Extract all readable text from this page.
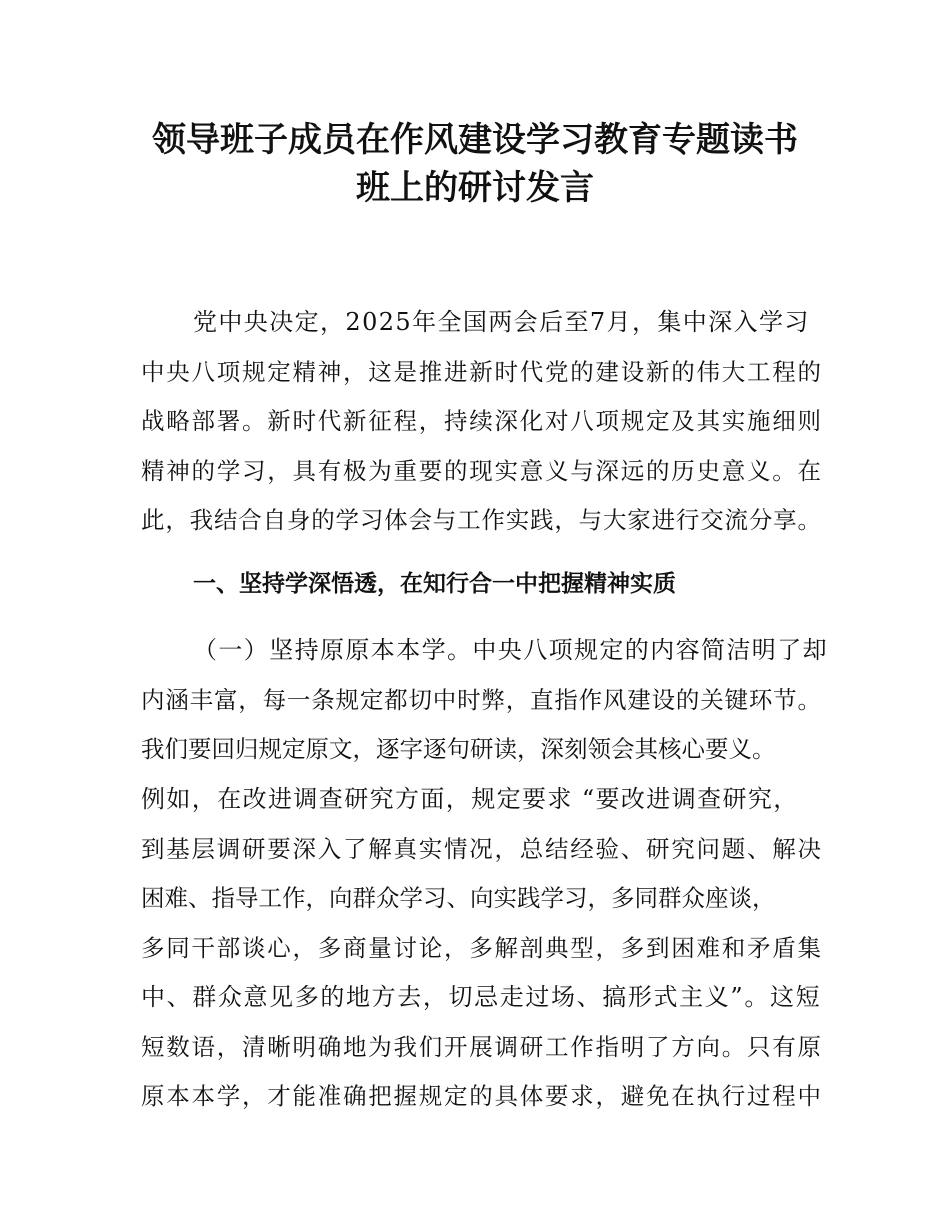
领导班子成员在作风建设学习教育专题读书
班上的研讨发言
党中央决定，2025年全国两会后至7月，集中深入学习
中央八项规定精神，这是推进新时代党的建设新的伟大工程的
战略部署。新时代新征程，持续深化对八项规定及其实施细则
精神的学习，具有极为重要的现实意义与深远的历史意义。在
此，我结合自身的学习体会与工作实践，与大家进行交流分享。
一、坚持学深悟透，在知行合一中把握精神实质
（一）坚持原原本本学。中央八项规定的内容简洁明了却
内涵丰富，每一条规定都切中时弊，直指作风建设的关键环节。
我们要回归规定原文，逐字逐句研读，深刻领会其核心要义。
例如，在改进调查研究方面，规定要求 “要改进调查研究，
到基层调研要深入了解真实情况，总结经验、研究问题、解决
困难、指导工作，向群众学习、向实践学习，多同群众座谈，
多同干部谈心，多商量讨论，多解剖典型，多到困难和矛盾集
中、群众意见多的地方去，切忌走过场、搞形式主义”。这短
短数语，清晰明确地为我们开展调研工作指明了方向。只有原
原本本学，才能准确把握规定的具体要求，避免在执行过程中
